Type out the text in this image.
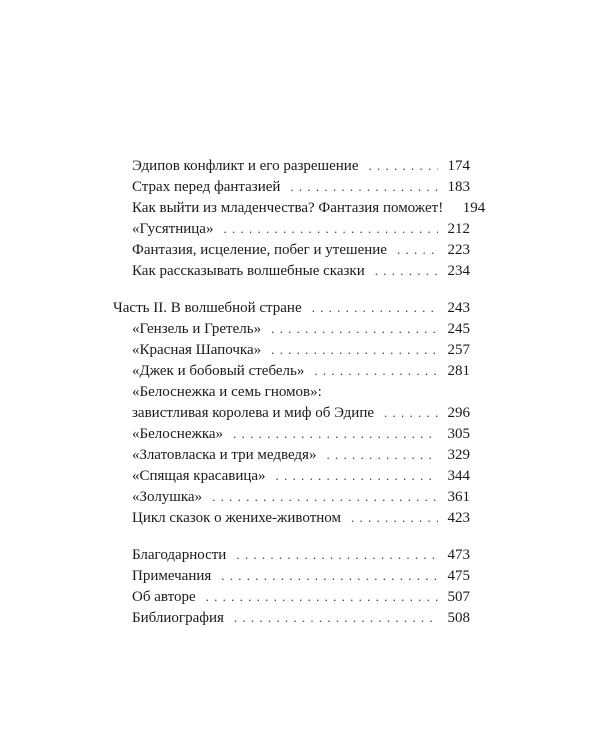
Эдипов конфликт и его разрешение . . .	174
Страх перед фантазией . . .	183
Как выйти из младенчества? Фантазия поможет! 194
«Гусятница» . . .	212
Фантазия, исцеление, побег и утешение . . .	223
Как рассказывать волшебные сказки . . .	234
Часть II. В волшебной стране . . .	243
«Гензель и Гретель» . . .	245
«Красная Шапочка» . . .	257
«Джек и бобовый стебель» . . .	281
«Белоснежка и семь гномов»:
завистливая королева и миф об Эдипе . . .	296
«Белоснежка» . . .	305
«Златовласка и три медведя» . . .	329
«Спящая красавица» . . .	344
«Золушка» . . .	361
Цикл сказок о женихе-животном . . .	423
Благодарности . . .	473
Примечания . . .	475
Об авторе . . .	507
Библиография . . .	508
